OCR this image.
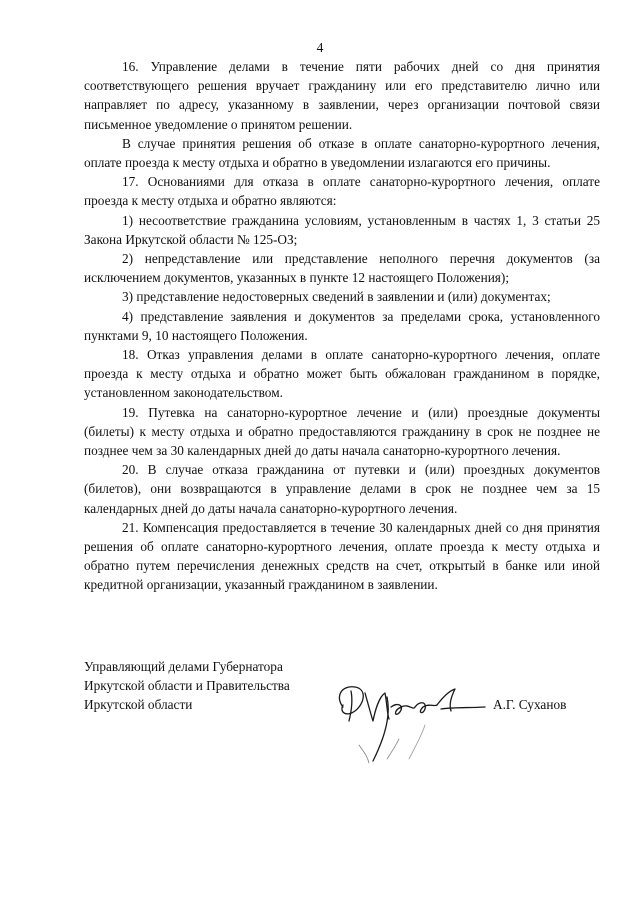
4

16. Управление делами в течение пяти рабочих дней со дня принятия соответствующего решения вручает гражданину или его представителю лично или направляет по адресу, указанному в заявлении, через организации почтовой связи письменное уведомление о принятом решении.

В случае принятия решения об отказе в оплате санаторно-курортного лечения, оплате проезда к месту отдыха и обратно в уведомлении излагаются его причины.

17. Основаниями для отказа в оплате санаторно-курортного лечения, оплате проезда к месту отдыха и обратно являются:

1) несоответствие гражданина условиям, установленным в частях 1, 3 статьи 25 Закона Иркутской области № 125-ОЗ;

2) непредставление или представление неполного перечня документов (за исключением документов, указанных в пункте 12 настоящего Положения);

3) представление недостоверных сведений в заявлении и (или) документах;

4) представление заявления и документов за пределами срока, установленного пунктами 9, 10 настоящего Положения.

18. Отказ управления делами в оплате санаторно-курортного лечения, оплате проезда к месту отдыха и обратно может быть обжалован гражданином в порядке, установленном законодательством.

19. Путевка на санаторно-курортное лечение и (или) проездные документы (билеты) к месту отдыха и обратно предоставляются гражданину в срок не позднее не позднее чем за 30 календарных дней до даты начала санаторно-курортного лечения.

20. В случае отказа гражданина от путевки и (или) проездных документов (билетов), они возвращаются в управление делами в срок не позднее чем за 15 календарных дней до даты начала санаторно-курортного лечения.

21. Компенсация предоставляется в течение 30 календарных дней со дня принятия решения об оплате санаторно-курортного лечения, оплате проезда к месту отдыха и обратно путем перечисления денежных средств на счет, открытый в банке или иной кредитной организации, указанный гражданином в заявлении.

Управляющий делами Губернатора
Иркутской области и Правительства
Иркутской области	А.Г. Суханов
